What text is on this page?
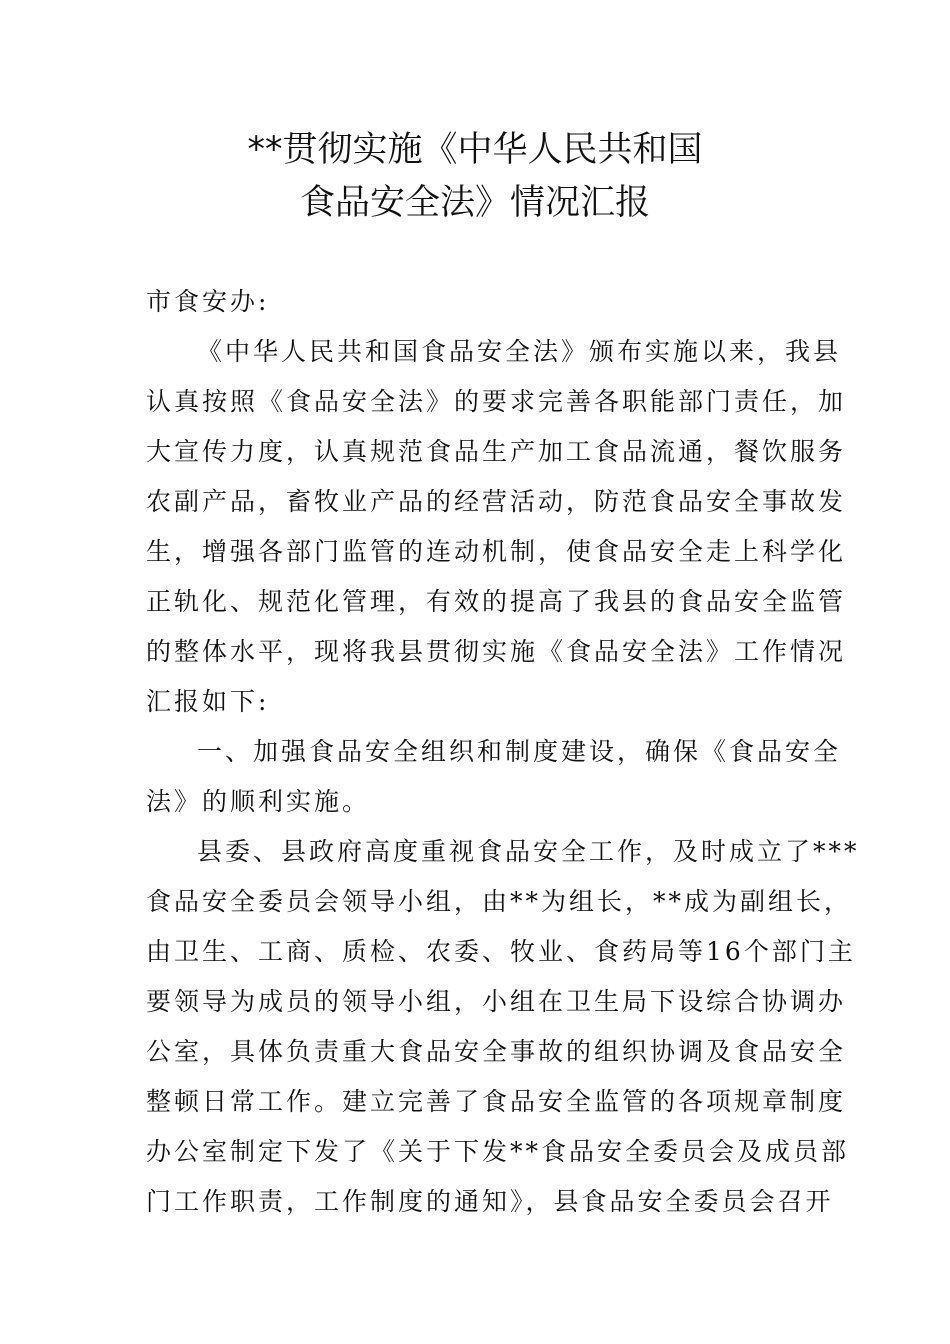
**贯彻实施《中华人民共和国
食品安全法》情况汇报
市食安办:
《中华人民共和国食品安全法》颁布实施以来，我县
认真按照《食品安全法》的要求完善各职能部门责任，加
大宣传力度，认真规范食品生产加工食品流通，餐饮服务
农副产品，畜牧业产品的经营活动，防范食品安全事故发
生，增强各部门监管的连动机制，使食品安全走上科学化
正轨化、规范化管理，有效的提高了我县的食品安全监管
的整体水平，现将我县贯彻实施《食品安全法》工作情况
汇报如下:
一、加强食品安全组织和制度建设，确保《食品安全
法》的顺利实施。
县委、县政府高度重视食品安全工作，及时成立了***
食品安全委员会领导小组，由**为组长，**成为副组长，
由卫生、工商、质检、农委、牧业、食药局等16个部门主
要领导为成员的领导小组，小组在卫生局下设综合协调办
公室，具体负责重大食品安全事故的组织协调及食品安全
整顿日常工作。建立完善了食品安全监管的各项规章制度
办公室制定下发了《关于下发**食品安全委员会及成员部
门工作职责，工作制度的通知》，县食品安全委员会召开
